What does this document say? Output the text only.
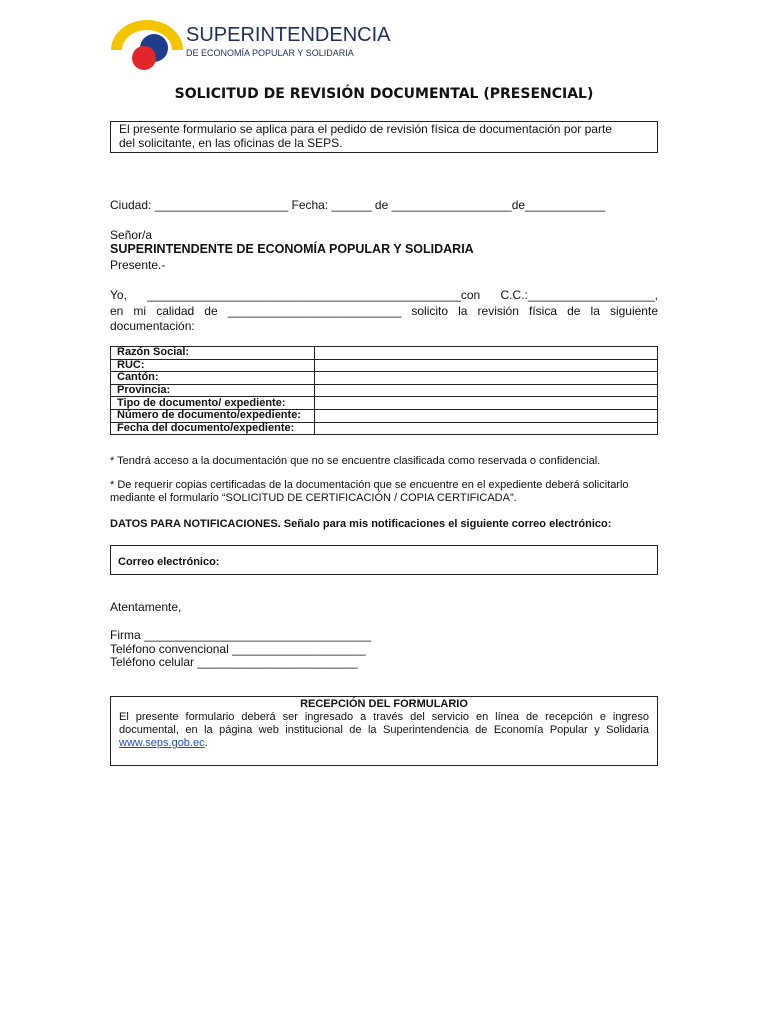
SUPERINTENDENCIA
DE ECONOMÍA POPULAR Y SOLIDARIA
SOLICITUD DE REVISIÓN DOCUMENTAL (PRESENCIAL)
El presente formulario se aplica para el pedido de revisión física de documentación por parte
del solicitante, en las oficinas de la SEPS.
Ciudad: ____________________ Fecha: ______ de __________________de____________
Señor/a
SUPERINTENDENTE DE ECONOMÍA POPULAR Y SOLIDARIA
Presente.-
Yo, _______________________________________________con C.C.:___________________,
en mi calidad de __________________________ solicito la revisión física de la siguiente
documentación:
Razón Social:	
RUC:	
Cantón:	
Provincia:	
Tipo de documento/ expediente:	
Número de documento/expediente:	
Fecha del documento/expediente:	
* Tendrá acceso a la documentación que no se encuentre clasificada como reservada o confidencial.
* De requerir copias certificadas de la documentación que se encuentre en el expediente deberá solicitarlo
mediante el formulario “SOLICITUD DE CERTIFICACIÓN / COPIA CERTIFICADA”.
DATOS PARA NOTIFICACIONES. Señalo para mis notificaciones el siguiente correo electrónico:
Correo electrónico:
Atentamente,
Firma __________________________________
Teléfono convencional ____________________
Teléfono celular ________________________
RECEPCIÓN DEL FORMULARIO
El presente formulario deberá ser ingresado a través del servicio en línea de recepción e ingreso documental, en la página web institucional de la Superintendencia de Economía Popular y Solidaria www.seps.gob.ec.
